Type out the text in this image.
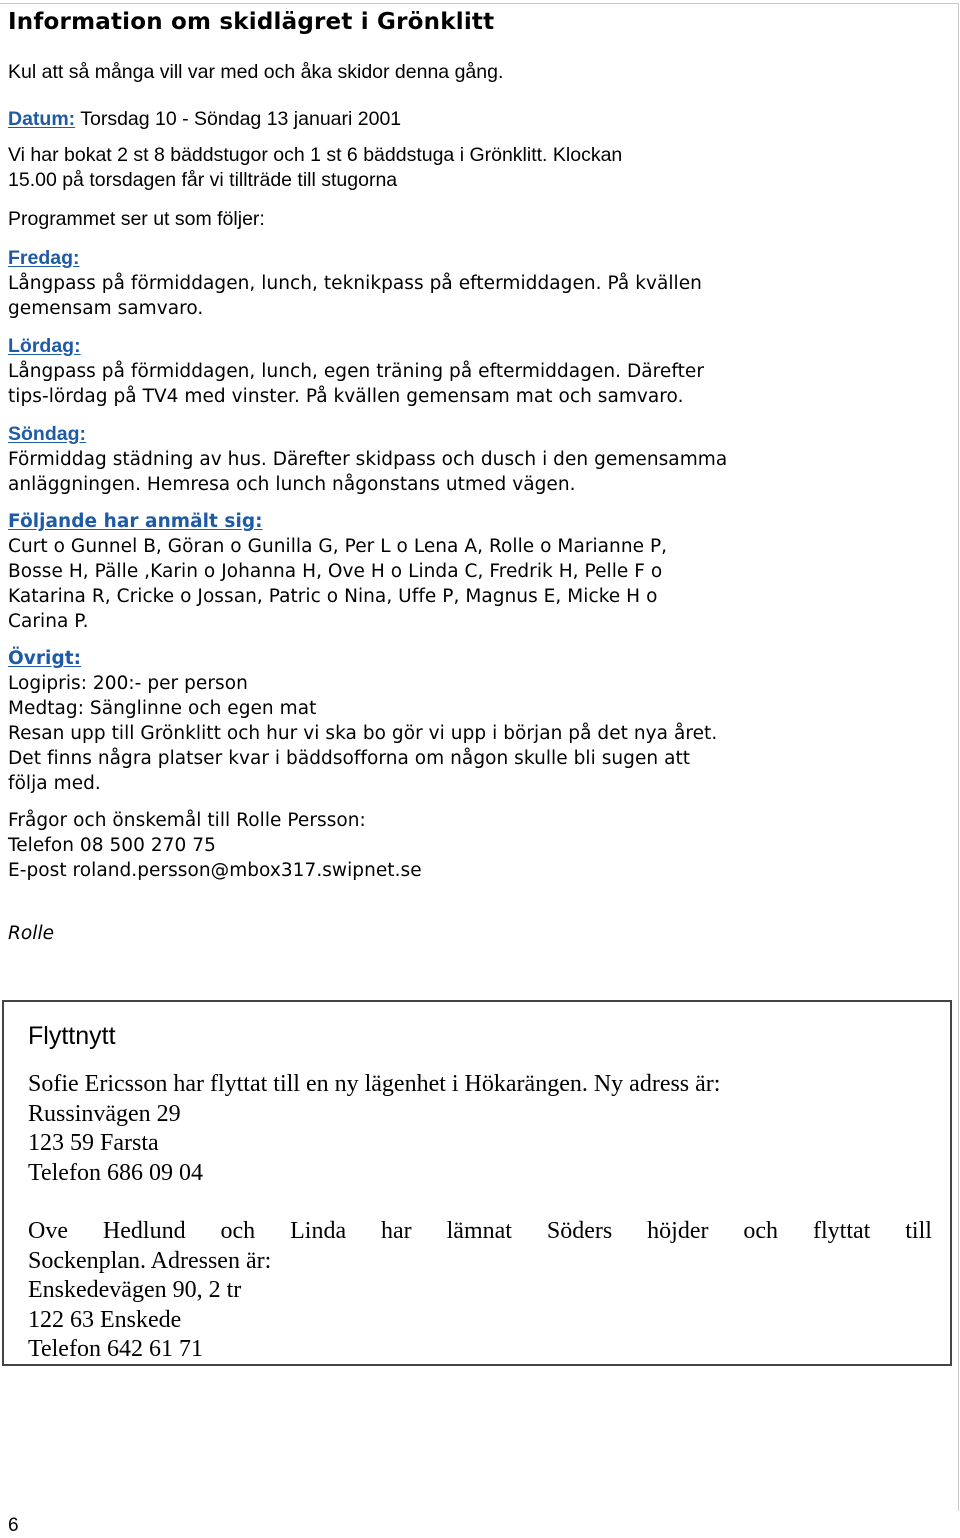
Information om skidlägret i Grönklitt

Kul att så många vill var med och åka skidor denna gång.

Datum: Torsdag 10 - Söndag 13 januari 2001

Vi har bokat 2 st 8 bäddstugor och 1 st 6 bäddstuga i Grönklitt. Klockan

15.00 på torsdagen får vi tillträde till stugorna

Programmet ser ut som följer:

Fredag:

Långpass på förmiddagen, lunch, teknikpass på eftermiddagen. På kvällen

gemensam samvaro.

Lördag:

Långpass på förmiddagen, lunch, egen träning på eftermiddagen. Därefter

tips-lördag på TV4 med vinster. På kvällen gemensam mat och samvaro.

Söndag:

Förmiddag städning av hus. Därefter skidpass och dusch i den gemensamma

anläggningen. Hemresa och lunch någonstans utmed vägen.

Följande har anmält sig:

Curt o Gunnel B, Göran o Gunilla G, Per L o Lena A, Rolle o Marianne P,

Bosse H, Pälle ,Karin o Johanna H, Ove H o Linda C, Fredrik H, Pelle F o

Katarina R, Cricke o Jossan, Patric o Nina, Uffe P, Magnus E, Micke H o

Carina P.

Övrigt:

Logipris: 200:- per person

Medtag: Sänglinne och egen mat

Resan upp till Grönklitt och hur vi ska bo gör vi upp i början på det nya året.

Det finns några platser kvar i bäddsofforna om någon skulle bli sugen att

följa med.

Frågor och önskemål till Rolle Persson:

Telefon 08 500 270 75

E-post roland.persson@mbox317.swipnet.se

Rolle

Flyttnytt

Sofie Ericsson har flyttat till en ny lägenhet i Hökarängen. Ny adress är:

Russinvägen 29

123 59 Farsta

Telefon 686 09 04

Ove Hedlund och Linda har lämnat Söders höjder och flyttat till

Sockenplan. Adressen är:

Enskedevägen 90, 2 tr

122 63 Enskede

Telefon 642 61 71

6
